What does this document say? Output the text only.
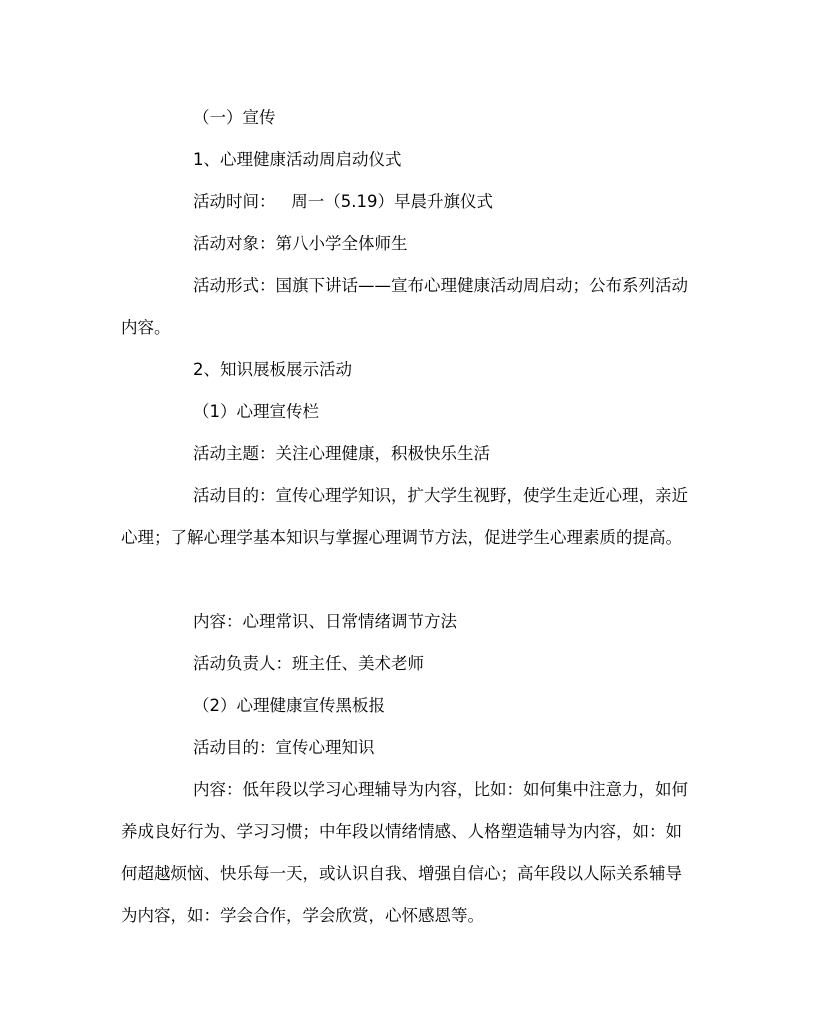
（一）宣传

1、心理健康活动周启动仪式

活动时间：   周一（5.19）早晨升旗仪式

活动对象：第八小学全体师生

活动形式：国旗下讲话——宣布心理健康活动周启动；公布系列活动内容。

2、知识展板展示活动

（1）心理宣传栏

活动主题：关注心理健康，积极快乐生活

活动目的：宣传心理学知识，扩大学生视野，使学生走近心理，亲近心理；了解心理学基本知识与掌握心理调节方法，促进学生心理素质的提高。

内容：心理常识、日常情绪调节方法

活动负责人：班主任、美术老师

（2）心理健康宣传黑板报

活动目的：宣传心理知识

内容：低年段以学习心理辅导为内容，比如：如何集中注意力，如何养成良好行为、学习习惯；中年段以情绪情感、人格塑造辅导为内容，如：如何超越烦恼、快乐每一天，或认识自我、增强自信心；高年段以人际关系辅导为内容，如：学会合作，学会欣赏，心怀感恩等。
